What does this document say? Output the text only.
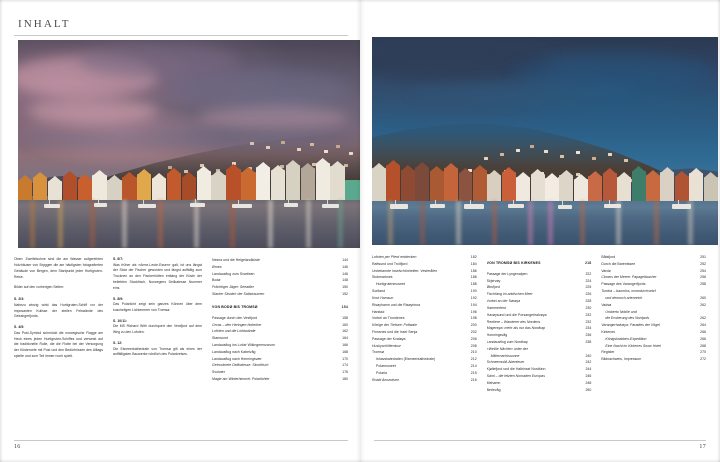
INHALT
Oben: Zweifelsohne sind die am Wasser aufgereihten Holzhäuser von Bryggen die am häufigsten fotografierten Gebäude von Bergen, dem Startpunkt jeder Hurtigruten-Reise.
Bilder auf den vorherigen Seiten:
S. 2/3:
Nahezu winzig wirkt das Hurtigruten-Schiff vor der imposanten Kulisse der steilen Felswände des Geirangerfjords.
S. 4/5:
Das Post-Symbol schmückt die norwegische Flagge am Heck eines jeden Hurtigruten-Schiffes und verweist auf die traditionelle Rolle, die die Flotte bei der Versorgung der Küstenorte mit Post und den Bedürfnissen des Alltags spielte und zum Teil immer noch spielt.
S. 6/7:
Was früher als «Arme-Leute-Essen» galt, ist uns längst der Stolz der Fischer geworden und längst auffällig zum Trocknen an den Fischerhütten entlang der Küste der beliebten Stockfisch, Norwegens Delikatesse Nummer eins.
S. 8/9:
Das Polarlicht zeigt sein ganzes Können über dem kuscheligen Lichtermeer von Tromsø.
S. 10/11:
Die MS Richard With durchquert den Vestfjord auf dem Weg zu den Lofoten.
S. 12:
Die Eismeerkathedrale von Tromsø gilt als eines der auffälligsten Bauwerke nördlich des Polarkreises.
Nesna und die Helgelandküste	144
Ørnes	146
Landausflug zum Svartisen	146
Bodø	148
Prächtiger Jäger: Seeadler	150
Starker Strudel: der Saltstraumen	152
VON BODØ BIS TROMSØ	154
Passage durch den Vestfjord	158
Orcas – den Heringen hinterher	160
Lofoten und die Lofotwände	162
Stamsund	164
Landausflug ins Lofotr Wikingermuseum	166
Landausflug nach Kabelvåg	168
Landausflug nach Henningsvær	170
Getrocknete Delikatesse: Stockfisch	174
Svolvær	176
Magie am Winterhimmel: Polarlichter	180
16
Lofoten per Pferd entdecken	182
Raftsund und Trollfjord	184
Unbekannte Inselschönheiten: Vesterålen	186
Stokmarknes	188
Hurtigrutenmuseet	188
Sortland	190
Knut Hamsun	192
Risøyhamn und die Risøyrinna	194
Harstad	196
Vorbei an Trondenes	198
Könige der Tiefsee: Pottwale	200
Finnsnes und die Insel Senja	202
Passage der Kvaløya	206
Huskyschlittentour	208
Tromsø	210
Ishavskatedralen (Eismeerkathedrale)	212
Polarmuseet	214
Polaria	215
Roald Amundsen	216
VON TROMSØ BIS KIRKENES	218
Passage der Lyngenalpen	222
Skjervøy	224
Øksfjord	225
Fischfang im arktischen Meer	226
Vorbei an der Sørøya	228
Hammerfest	230
Havøysund und die Porsangerhalvøya	232
Rentiere – Wanderer des Nordens	232
Magerøya: mehr als nur das Nordkap	234
Honningsvåg	236
Landausflug zum Nordkap	238
«Weiße Nächte» unter der
Mitternachtssonne	240
Schneemobil-Abenteuer	242
Kjøllefjord und die Halbinsel Nordkinn	244
Sámi – die letzten Nomaden Europas	246
Mehamn	248
Berlevåg	250
Båtsfjord	251
Durch die Barentssee	252
Vardø	254
Clowns der Meere: Papageitaucher	256
Passage des Varangerfjords	258
Tundra – baumlos, moordurchsetzt
und dennoch artenreich	260
Vadsø	262
Umberto Nobile und
die Eroberung des Nordpols	262
Varangerhalvøya: Paradies der Vögel	264
Kirkenes	266
Königskrabben-Expedition	266
Eine Nacht im Kirkenes Snow Hotel	268
Register	270
Bildnachweis, Impressum	272
17
